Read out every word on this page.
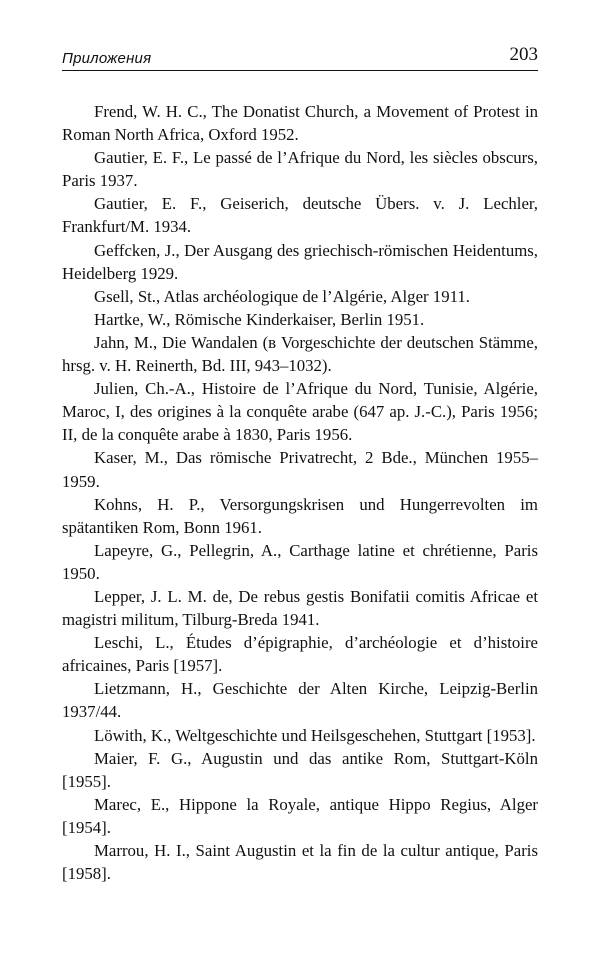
Приложения	203
Frend, W. H. C., The Donatist Church, a Movement of Protest in Roman North Africa, Oxford 1952.
Gautier, E. F., Le passé de l’Afrique du Nord, les siècles obscurs, Paris 1937.
Gautier, E. F., Geiserich, deutsche Übers. v. J. Lechler, Frankfurt/M. 1934.
Geffcken, J., Der Ausgang des griechisch-römischen Heidentums, Heidelberg 1929.
Gsell, St., Atlas archéologique de l’Algérie, Alger 1911.
Hartke, W., Römische Kinderkaiser, Berlin 1951.
Jahn, M., Die Wandalen (в Vorgeschichte der deutschen Stämme, hrsg. v. H. Reinerth, Bd. III, 943–1032).
Julien, Ch.-A., Histoire de l’Afrique du Nord, Tunisie, Algérie, Maroc, I, des origines à la conquête arabe (647 ap. J.-C.), Paris 1956; II, de la conquête arabe à 1830, Paris 1956.
Kaser, M., Das römische Privatrecht, 2 Bde., München 1955–1959.
Kohns, H. P., Versorgungskrisen und Hungerrevolten im spätantiken Rom, Bonn 1961.
Lapeyre, G., Pellegrin, A., Carthage latine et chrétienne, Paris 1950.
Lepper, J. L. M. de, De rebus gestis Bonifatii comitis Africae et magistri militum, Tilburg-Breda 1941.
Leschi, L., Études d’épigraphie, d’archéologie et d’histoire africaines, Paris [1957].
Lietzmann, H., Geschichte der Alten Kirche, Leipzig-Berlin 1937/44.
Löwith, K., Weltgeschichte und Heilsgeschehen, Stuttgart [1953].
Maier, F. G., Augustin und das antike Rom, Stuttgart-Köln [1955].
Marec, E., Hippone la Royale, antique Hippo Regius, Alger [1954].
Marrou, H. I., Saint Augustin et la fin de la cultur antique, Paris [1958].
